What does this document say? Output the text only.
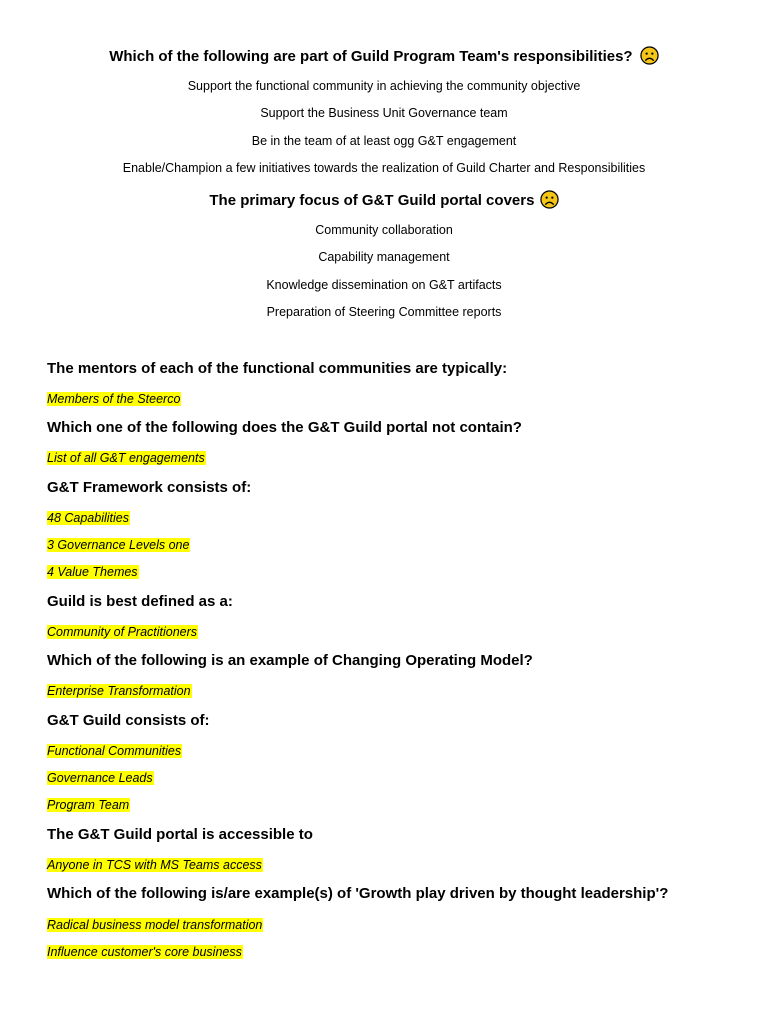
Which of the following are part of Guild Program Team's responsibilities?
Support the functional community in achieving the community objective
Support the Business Unit Governance team
Be in the team of at least ogg G&T engagement
Enable/Champion a few initiatives towards the realization of Guild Charter and Responsibilities
The primary focus of G&T Guild portal covers
Community collaboration
Capability management
Knowledge dissemination on G&T artifacts
Preparation of Steering Committee reports
The mentors of each of the functional communities are typically:
Members of the Steerco
Which one of the following does the G&T Guild portal not contain?
List of all G&T engagements
G&T Framework consists of:
48 Capabilities
3 Governance Levels one
4 Value Themes
Guild is best defined as a:
Community of Practitioners
Which of the following is an example of Changing Operating Model?
Enterprise Transformation
G&T Guild consists of:
Functional Communities
Governance Leads
Program Team
The G&T Guild portal is accessible to
Anyone in TCS with MS Teams access
Which of the following is/are example(s) of 'Growth play driven by thought leadership'?
Radical business model transformation
Influence customer's core business
